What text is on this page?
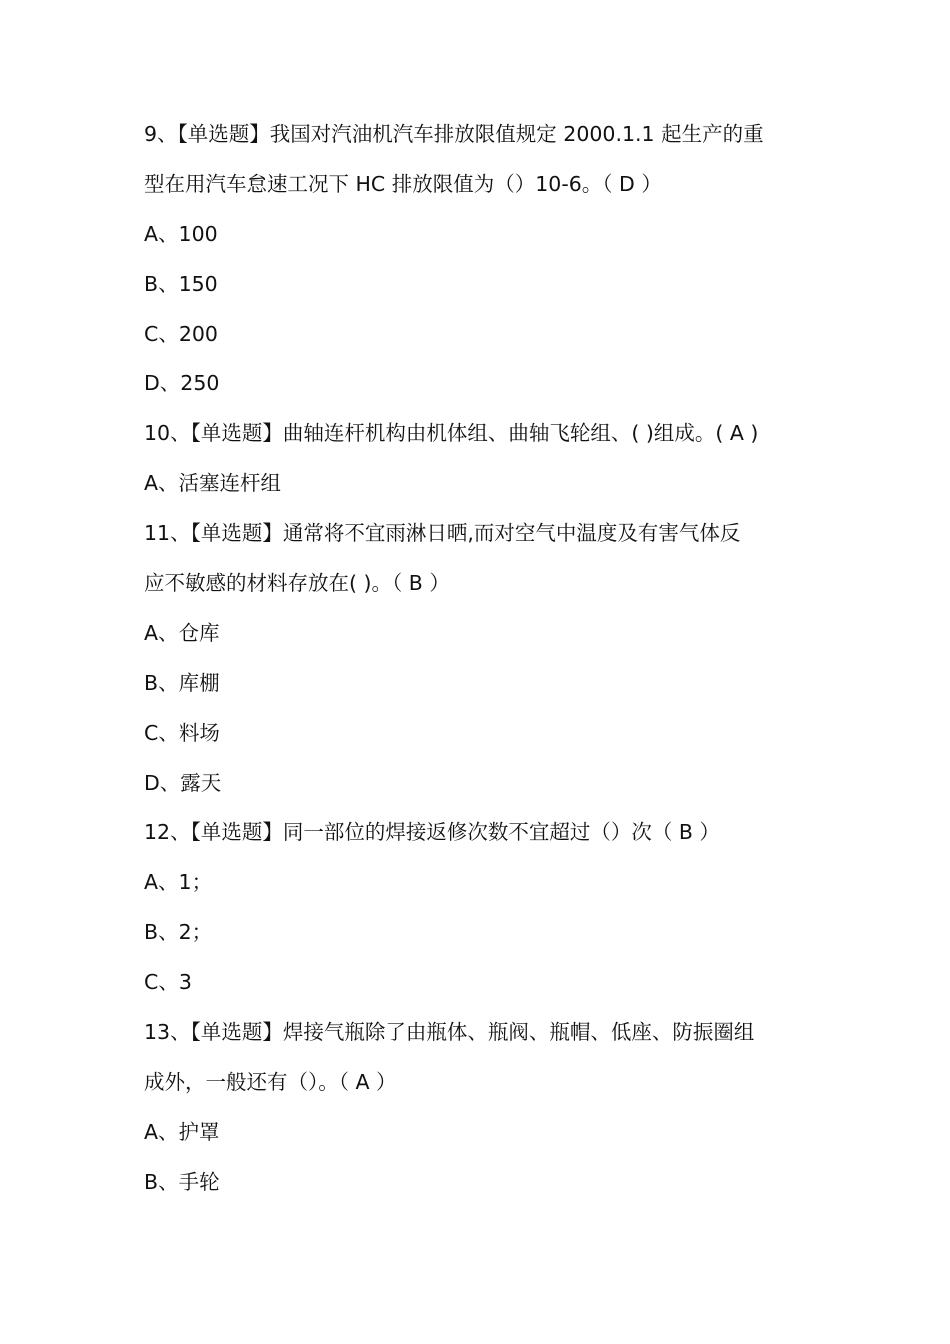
9、【单选题】我国对汽油机汽车排放限值规定 2000.1.1 起生产的重
型在用汽车怠速工况下 HC 排放限值为（）10-6。（ D ）
A、100
B、150
C、200
D、250
10、【单选题】曲轴连杆机构由机体组、曲轴飞轮组、( )组成。( A )
A、活塞连杆组
11、【单选题】通常将不宜雨淋日晒,而对空气中温度及有害气体反
应不敏感的材料存放在( )。（ B ）
A、仓库
B、库棚
C、料场
D、露天
12、【单选题】同一部位的焊接返修次数不宜超过（）次（ B ）
A、1；
B、2；
C、3
13、【单选题】焊接气瓶除了由瓶体、瓶阀、瓶帽、低座、防振圈组
成外，一般还有（）。（ A ）
A、护罩
B、手轮
